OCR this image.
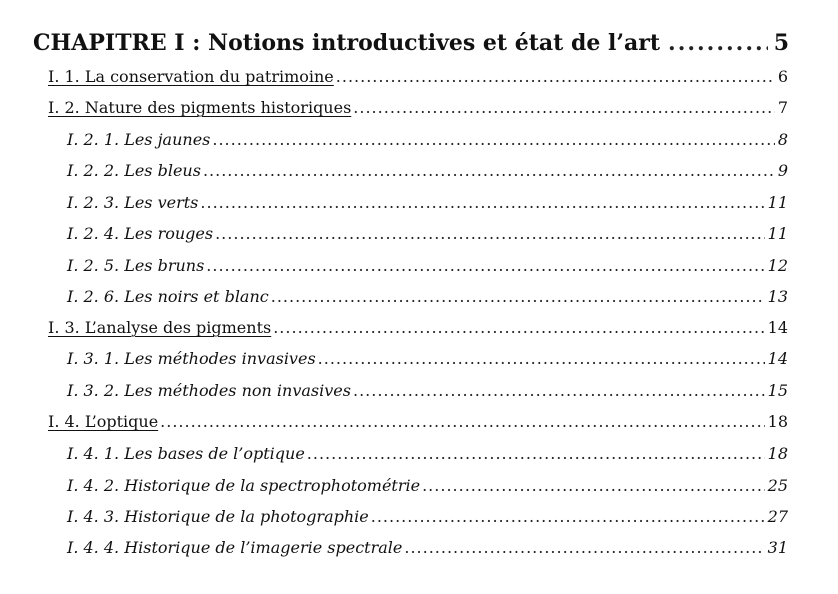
CHAPITRE I : Notions introductives et état de l’art .....	5
I. 1. La conservation du patrimoine .....	6
I. 2. Nature des pigments historiques .....	7
I. 2. 1. Les jaunes .....	8
I. 2. 2. Les bleus .....	9
I. 2. 3. Les verts .....	11
I. 2. 4. Les rouges .....	11
I. 2. 5. Les bruns .....	12
I. 2. 6. Les noirs et blanc .....	13
I. 3. L’analyse des pigments .....	14
I. 3. 1. Les méthodes invasives .....	14
I. 3. 2. Les méthodes non invasives .....	15
I. 4. L’optique .....	18
I. 4. 1. Les bases de l’optique .....	18
I. 4. 2. Historique de la spectrophotométrie .....	25
I. 4. 3. Historique de la photographie .....	27
I. 4. 4. Historique de l’imagerie spectrale .....	31
